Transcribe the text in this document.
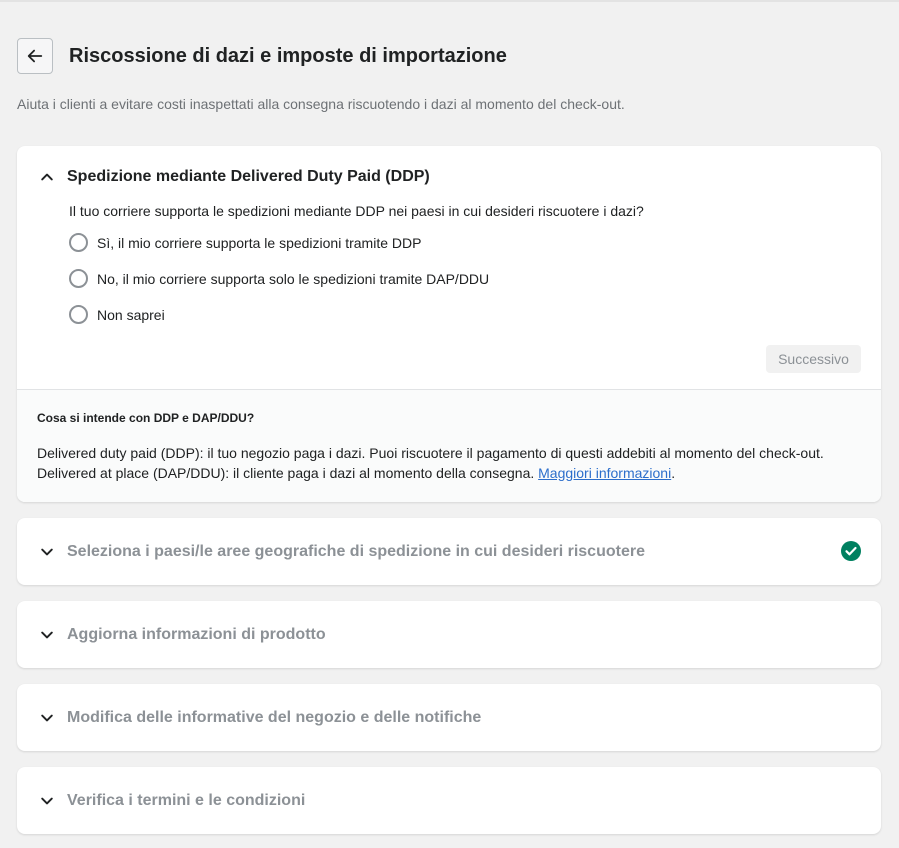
Riscossione di dazi e imposte di importazione

Aiuta i clienti a evitare costi inaspettati alla consegna riscuotendo i dazi al momento del check-out.

Spedizione mediante Delivered Duty Paid (DDP)

Il tuo corriere supporta le spedizioni mediante DDP nei paesi in cui desideri riscuotere i dazi?

Sì, il mio corriere supporta le spedizioni tramite DDP
No, il mio corriere supporta solo le spedizioni tramite DAP/DDU
Non saprei
Successivo

Cosa si intende con DDP e DAP/DDU?

Delivered duty paid (DDP): il tuo negozio paga i dazi. Puoi riscuotere il pagamento di questi addebiti al momento del check-out.
Delivered at place (DAP/DDU): il cliente paga i dazi al momento della consegna. Maggiori informazioni.
Seleziona i paesi/le aree geografiche di spedizione in cui desideri riscuotere
Aggiorna informazioni di prodotto
Modifica delle informative del negozio e delle notifiche
Verifica i termini e le condizioni
